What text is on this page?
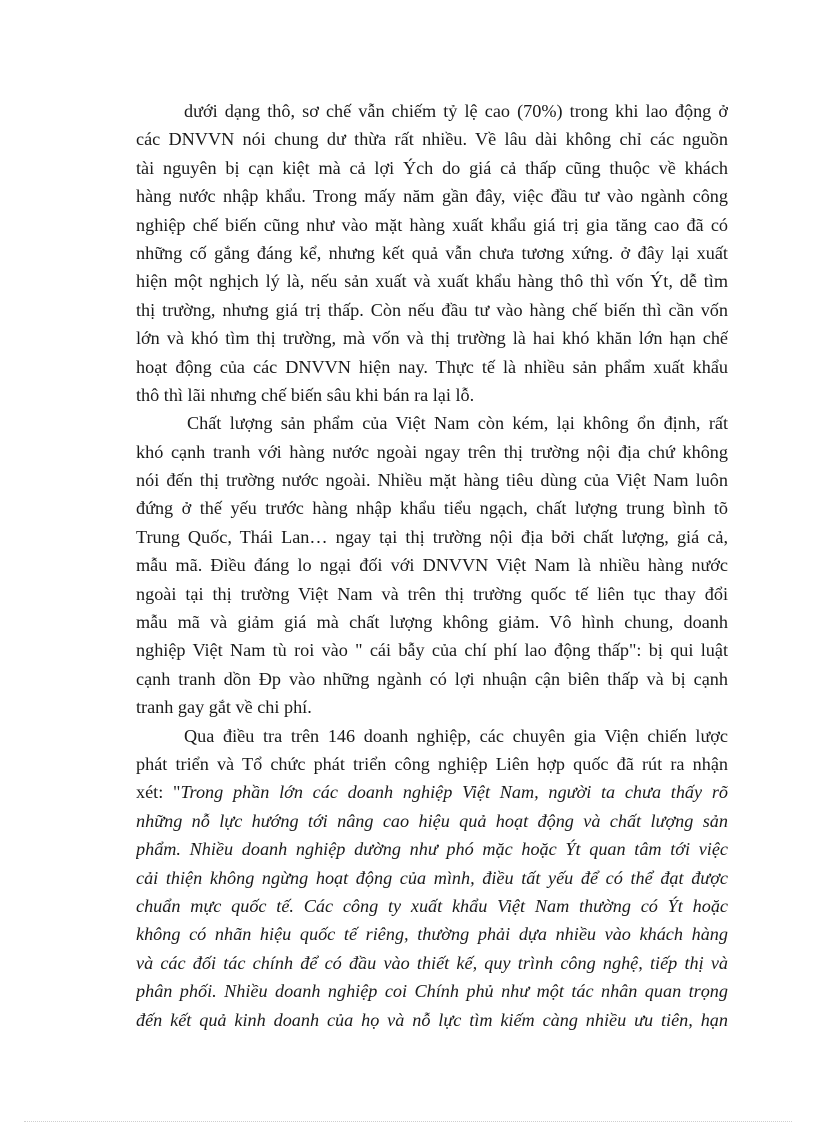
dưới dạng thô, sơ chế vẫn chiếm tỷ lệ cao (70%) trong khi lao động ở
các DNVVN nói chung dư thừa rất nhiều. Về lâu dài không chỉ các nguồn
tài nguyên bị cạn kiệt mà cả lợi Ých do giá cả thấp cũng thuộc về khách
hàng nước nhập khẩu. Trong mấy năm gần đây, việc đầu tư vào ngành công
nghiệp chế biến cũng như vào mặt hàng xuất khẩu giá trị gia tăng cao đã có
những cố gắng đáng kể, nhưng kết quả vẫn chưa tương xứng. ở đây lại xuất
hiện một nghịch lý là, nếu sản xuất và xuất khẩu hàng thô thì vốn Ýt, dễ tìm
thị trường, nhưng giá trị thấp. Còn nếu đầu tư vào hàng chế biến thì cần vốn
lớn và khó tìm thị trường, mà vốn và thị trường là hai khó khăn lớn hạn chế
hoạt động của các DNVVN hiện nay. Thực tế là nhiều sản phẩm xuất khẩu
thô thì lãi nhưng chế biến sâu khi bán ra lại lỗ.
Chất lượng sản phẩm của Việt Nam còn kém, lại không ổn định, rất
khó cạnh tranh với hàng nước ngoài ngay trên thị trường nội địa chứ không
nói đến thị trường nước ngoài. Nhiều mặt hàng tiêu dùng của Việt Nam luôn
đứng ở thế yếu trước hàng nhập khẩu tiểu ngạch, chất lượng trung bình tõ
Trung Quốc, Thái Lan… ngay tại thị trường nội địa bởi chất lượng, giá cả,
mẫu mã. Điều đáng lo ngại đối với DNVVN Việt Nam là nhiều hàng nước
ngoài tại thị trường Việt Nam và trên thị trường quốc tế liên tục thay đổi
mẫu mã và giảm giá mà chất lượng không giảm. Vô hình chung, doanh
nghiệp Việt Nam tù roi vào " cái bẫy của chí phí lao động thấp": bị qui luật
cạnh tranh dồn Ðp vào những ngành có lợi nhuận cận biên thấp và bị cạnh
tranh gay gắt về chi phí.
Qua điều tra trên 146 doanh nghiệp, các chuyên gia Viện chiến lược
phát triển và Tổ chức phát triển công nghiệp Liên hợp quốc đã rút ra nhận
xét: "Trong phần lớn các doanh nghiệp Việt Nam, người ta chưa thấy rõ
những nỗ lực hướng tới nâng cao hiệu quả hoạt động và chất lượng sản
phẩm. Nhiều doanh nghiệp dường như phó mặc hoặc Ýt quan tâm tới việc
cải thiện không ngừng hoạt động của mình, điều tất yếu để có thể đạt được
chuẩn mực quốc tế. Các công ty xuất khẩu Việt Nam thường có Ýt hoặc
không có nhãn hiệu quốc tế riêng, thường phải dựa nhiều vào khách hàng
và các đối tác chính để có đầu vào thiết kế, quy trình công nghệ, tiếp thị và
phân phối. Nhiều doanh nghiệp coi Chính phủ như một tác nhân quan trọng
đến kết quả kinh doanh của họ và nỗ lực tìm kiếm càng nhiều ưu tiên, hạn
